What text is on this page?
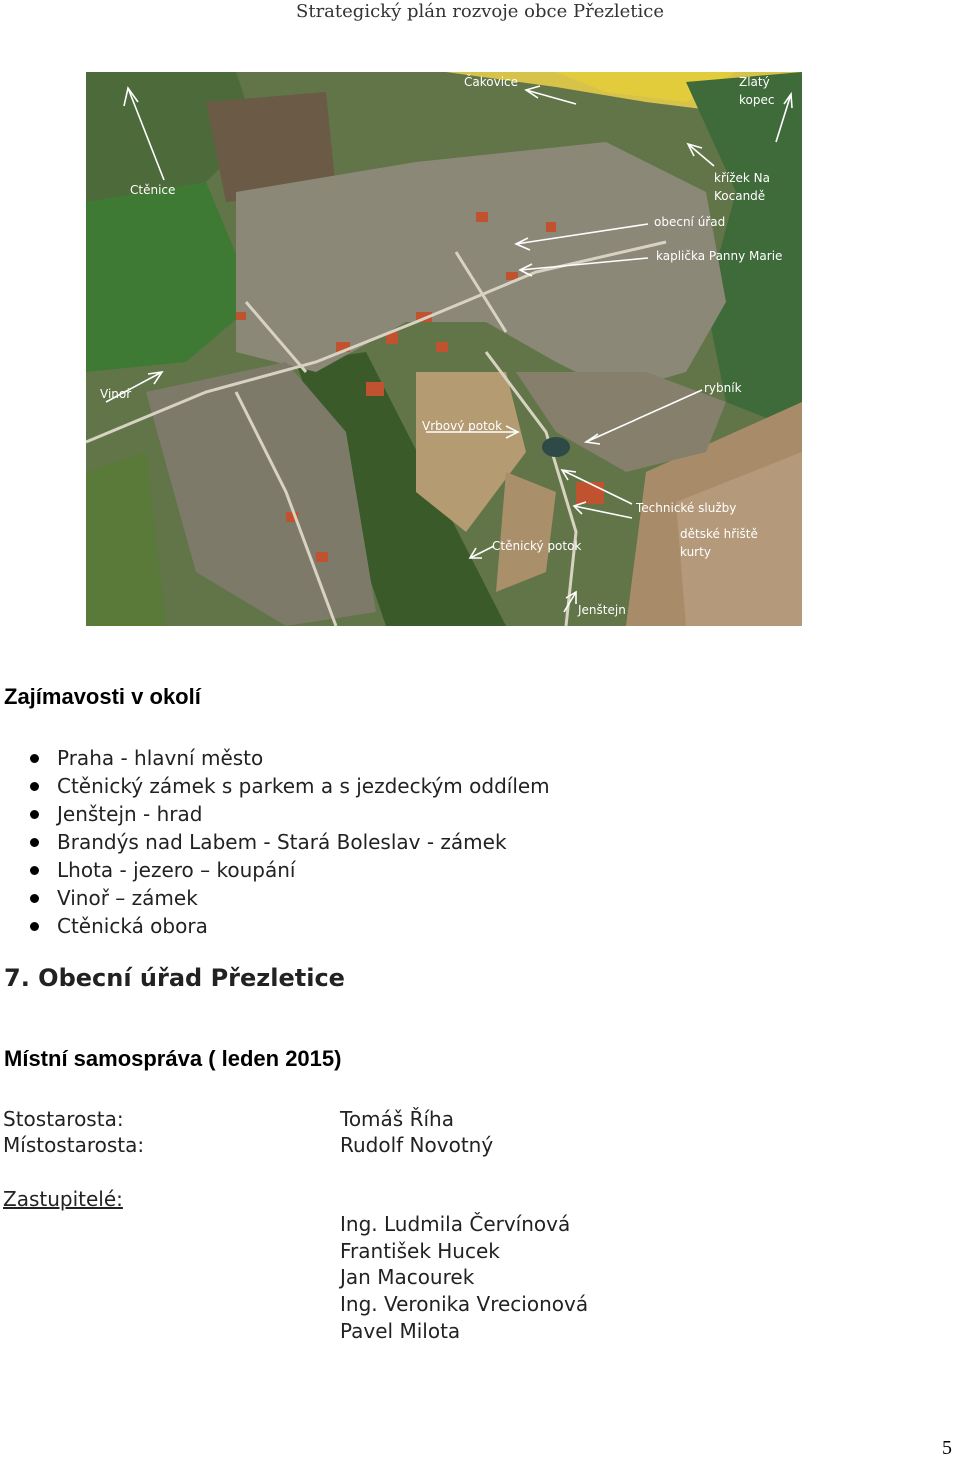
Strategický plán rozvoje obce Přezletice
Čakovice	Zlatý
kopec
Ctěnice
křížek Na
Kocandě
obecní úřad
kaplička Panny Marie
Vinoř	rybník
Vrbový potok
Technické služby
dětské hřiště
kurty
Ctěnický potok
Jenštejn
Zajímavosti v okolí
Praha - hlavní město
Ctěnický zámek s parkem a s jezdeckým oddílem
Jenštejn - hrad
Brandýs nad Labem - Stará Boleslav - zámek
Lhota - jezero – koupání
Vinoř – zámek
Ctěnická obora
7. Obecní úřad Přezletice
Místní samospráva ( leden 2015)
Stostarosta:	Tomáš Říha
Místostarosta:	Rudolf Novotný
Zastupitelé:
Ing. Ludmila Červínová
František Hucek
Jan Macourek
Ing. Veronika Vrecionová
Pavel Milota
5
